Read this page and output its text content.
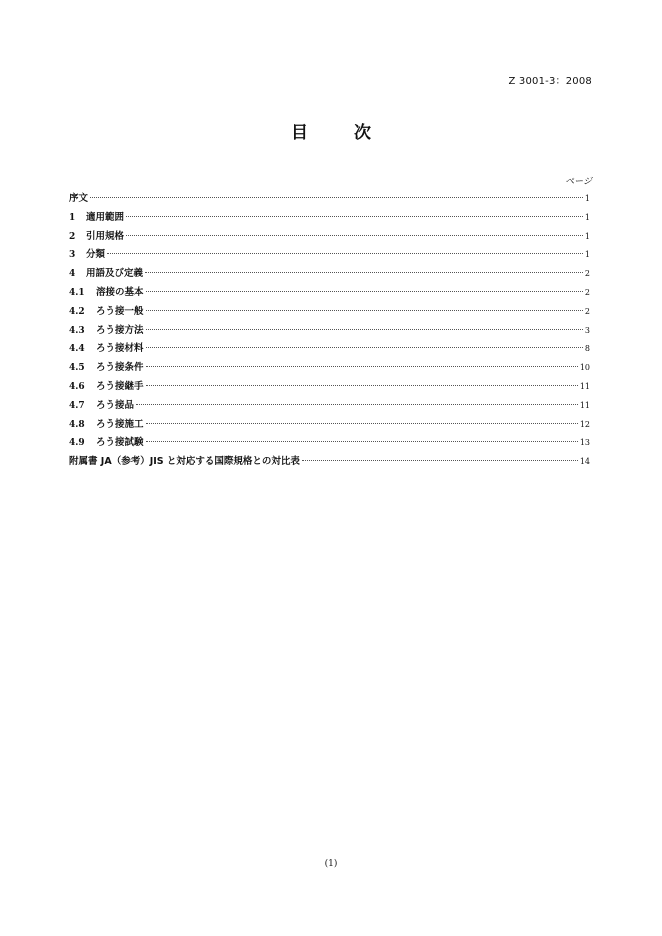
Z 3001-3：2008
目 次
ページ
序文	1
1	適用範囲	1
2	引用規格	1
3	分類	1
4	用語及び定義	2
4.1	溶接の基本	2
4.2	ろう接一般	2
4.3	ろう接方法	3
4.4	ろう接材料	8
4.5	ろう接条件	10
4.6	ろう接継手	11
4.7	ろう接品	11
4.8	ろう接施工	12
4.9	ろう接試験	13
附属書 JA（参考）JIS と対応する国際規格との対比表	14
(1)
